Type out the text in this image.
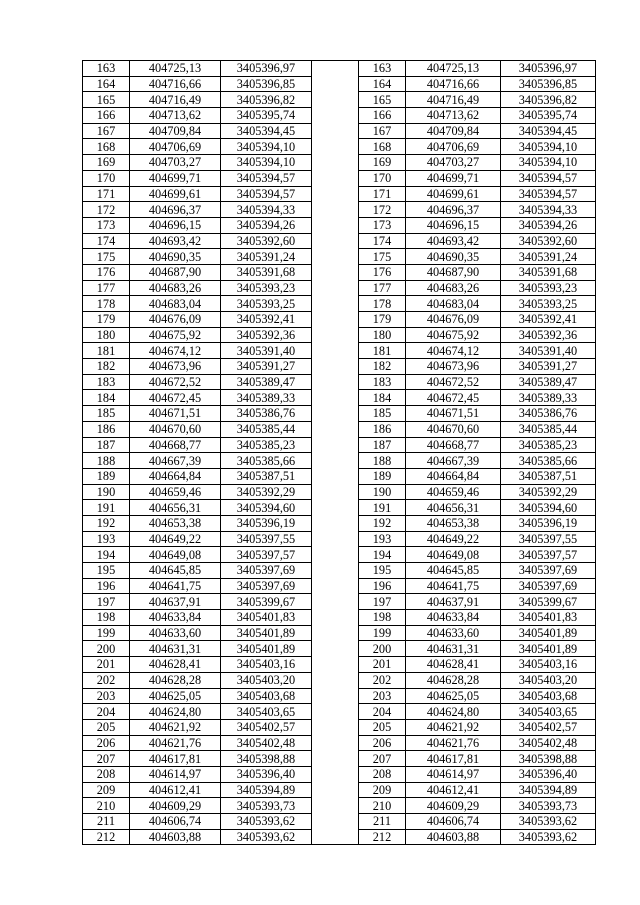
163	404725,13	3405396,97		163	404725,13	3405396,97
164	404716,66	3405396,85		164	404716,66	3405396,85
165	404716,49	3405396,82		165	404716,49	3405396,82
166	404713,62	3405395,74		166	404713,62	3405395,74
167	404709,84	3405394,45		167	404709,84	3405394,45
168	404706,69	3405394,10		168	404706,69	3405394,10
169	404703,27	3405394,10		169	404703,27	3405394,10
170	404699,71	3405394,57		170	404699,71	3405394,57
171	404699,61	3405394,57		171	404699,61	3405394,57
172	404696,37	3405394,33		172	404696,37	3405394,33
173	404696,15	3405394,26		173	404696,15	3405394,26
174	404693,42	3405392,60		174	404693,42	3405392,60
175	404690,35	3405391,24		175	404690,35	3405391,24
176	404687,90	3405391,68		176	404687,90	3405391,68
177	404683,26	3405393,23		177	404683,26	3405393,23
178	404683,04	3405393,25		178	404683,04	3405393,25
179	404676,09	3405392,41		179	404676,09	3405392,41
180	404675,92	3405392,36		180	404675,92	3405392,36
181	404674,12	3405391,40		181	404674,12	3405391,40
182	404673,96	3405391,27		182	404673,96	3405391,27
183	404672,52	3405389,47		183	404672,52	3405389,47
184	404672,45	3405389,33		184	404672,45	3405389,33
185	404671,51	3405386,76		185	404671,51	3405386,76
186	404670,60	3405385,44		186	404670,60	3405385,44
187	404668,77	3405385,23		187	404668,77	3405385,23
188	404667,39	3405385,66		188	404667,39	3405385,66
189	404664,84	3405387,51		189	404664,84	3405387,51
190	404659,46	3405392,29		190	404659,46	3405392,29
191	404656,31	3405394,60		191	404656,31	3405394,60
192	404653,38	3405396,19		192	404653,38	3405396,19
193	404649,22	3405397,55		193	404649,22	3405397,55
194	404649,08	3405397,57		194	404649,08	3405397,57
195	404645,85	3405397,69		195	404645,85	3405397,69
196	404641,75	3405397,69		196	404641,75	3405397,69
197	404637,91	3405399,67		197	404637,91	3405399,67
198	404633,84	3405401,83		198	404633,84	3405401,83
199	404633,60	3405401,89		199	404633,60	3405401,89
200	404631,31	3405401,89		200	404631,31	3405401,89
201	404628,41	3405403,16		201	404628,41	3405403,16
202	404628,28	3405403,20		202	404628,28	3405403,20
203	404625,05	3405403,68		203	404625,05	3405403,68
204	404624,80	3405403,65		204	404624,80	3405403,65
205	404621,92	3405402,57		205	404621,92	3405402,57
206	404621,76	3405402,48		206	404621,76	3405402,48
207	404617,81	3405398,88		207	404617,81	3405398,88
208	404614,97	3405396,40		208	404614,97	3405396,40
209	404612,41	3405394,89		209	404612,41	3405394,89
210	404609,29	3405393,73		210	404609,29	3405393,73
211	404606,74	3405393,62		211	404606,74	3405393,62
212	404603,88	3405393,62		212	404603,88	3405393,62
